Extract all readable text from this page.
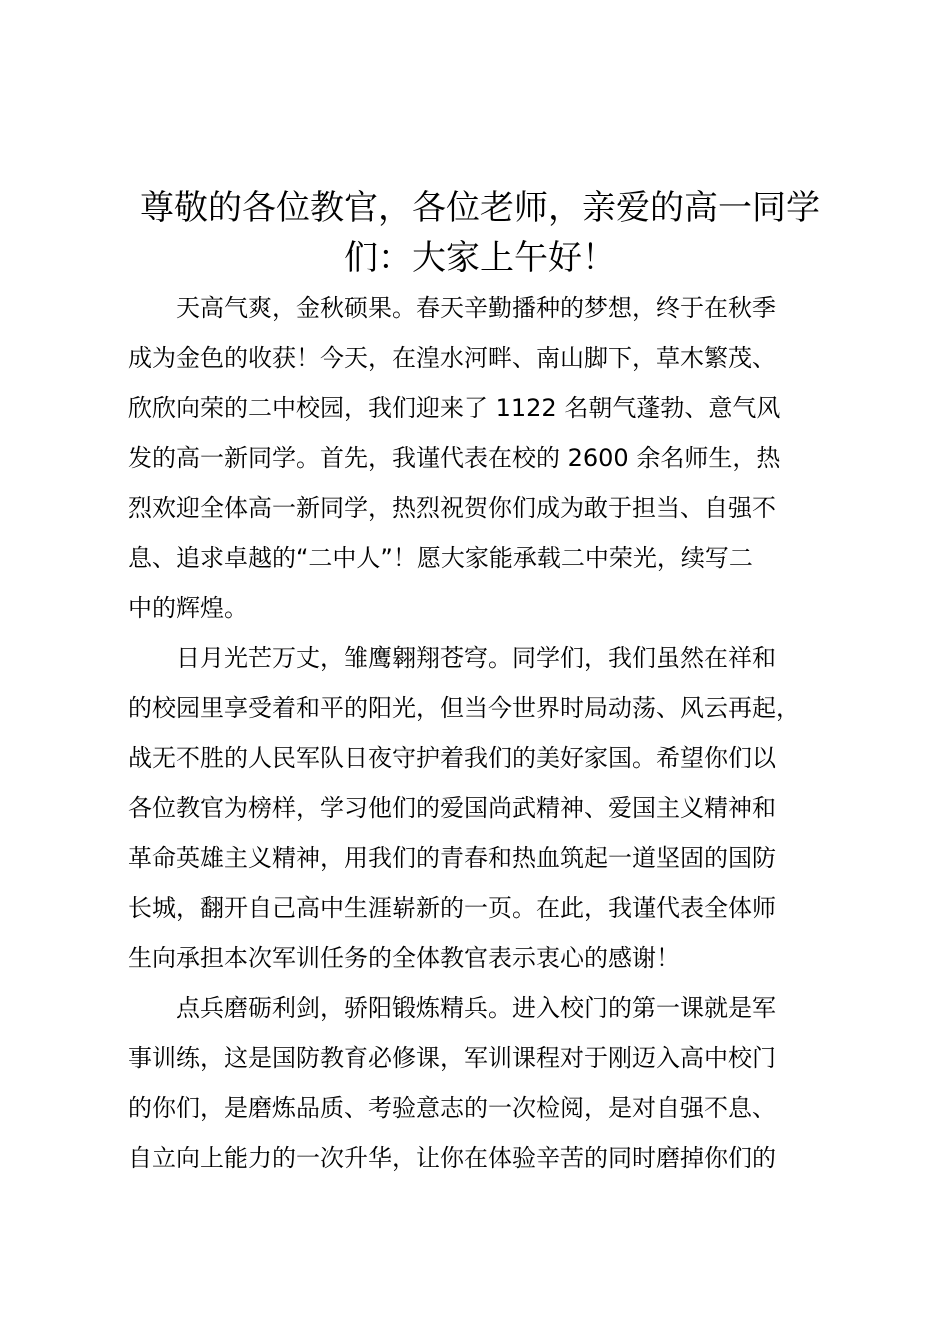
尊敬的各位教官，各位老师，亲爱的高一同学
们：大家上午好！
天高气爽，金秋硕果。春天辛勤播种的梦想，终于在秋季
成为金色的收获！今天，在湟水河畔、南山脚下，草木繁茂、
欣欣向荣的二中校园，我们迎来了 1122 名朝气蓬勃、意气风
发的高一新同学。首先，我谨代表在校的 2600 余名师生，热
烈欢迎全体高一新同学，热烈祝贺你们成为敢于担当、自强不
息、追求卓越的“二中人”！愿大家能承载二中荣光，续写二
中的辉煌。
日月光芒万丈，雏鹰翱翔苍穹。同学们，我们虽然在祥和
的校园里享受着和平的阳光，但当今世界时局动荡、风云再起，
战无不胜的人民军队日夜守护着我们的美好家国。希望你们以
各位教官为榜样，学习他们的爱国尚武精神、爱国主义精神和
革命英雄主义精神，用我们的青春和热血筑起一道坚固的国防
长城，翻开自己高中生涯崭新的一页。在此，我谨代表全体师
生向承担本次军训任务的全体教官表示衷心的感谢！
点兵磨砺利剑，骄阳锻炼精兵。进入校门的第一课就是军
事训练，这是国防教育必修课，军训课程对于刚迈入高中校门
的你们，是磨炼品质、考验意志的一次检阅，是对自强不息、
自立向上能力的一次升华，让你在体验辛苦的同时磨掉你们的
